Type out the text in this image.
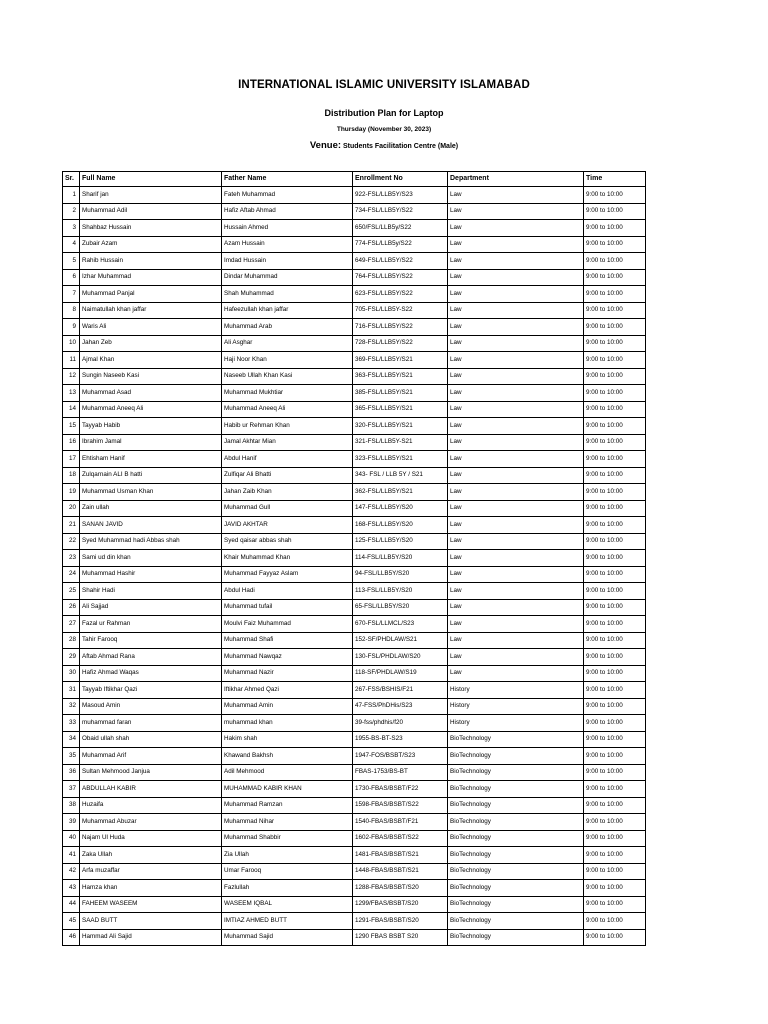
INTERNATIONAL ISLAMIC UNIVERSITY ISLAMABAD
Distribution Plan for Laptop
Thursday (November 30, 2023)
Venue: Students Facilitation Centre (Male)
Sr.	Full Name	Father Name	Enrollment No	Department	Time
1	Sharif jan	Fateh Muhammad	922-FSL/LLB5Y/S23	Law	9:00 to 10:00
2	Muhammad Adil	Hafiz Aftab Ahmad	734-FSL/LLB5Y/S22	Law	9:00 to 10:00
3	Shahbaz Hussain	Hussain Ahmed	650/FSL/LLB5y/S22	Law	9:00 to 10:00
4	Zubair Azam	Azam Hussain	774-FSL/LLB5y/S22	Law	9:00 to 10:00
5	Rahib Hussain	Imdad Hussain	649-FSL/LLB5Y/S22	Law	9:00 to 10:00
6	Izhar Muhammad	Dindar Muhammad	764-FSL/LLB5Y/S22	Law	9:00 to 10:00
7	Muhammad Panjal	Shah Muhammad	623-FSL/LLB5Y/S22	Law	9:00 to 10:00
8	Naimatullah khan jaffar	Hafeezullah khan jaffar	705-FSL/LLB5Y-S22	Law	9:00 to 10:00
9	Waris Ali	Muhammad Arab	716-FSL/LLB5Y/S22	Law	9:00 to 10:00
10	Jahan Zeb	Ali Asghar	728-FSL/LLB5Y/S22	Law	9:00 to 10:00
11	Ajmal Khan	Haji Noor Khan	369-FSL/LLB5Y/S21	Law	9:00 to 10:00
12	Sungin Naseeb Kasi	Naseeb Ullah Khan Kasi	363-FSL/LLB5Y/S21	Law	9:00 to 10:00
13	Muhammad Asad	Muhammad Mukhtiar	385-FSL/LLB5Y/S21	Law	9:00 to 10:00
14	Muhammad Aneeq Ali	Muhammad Aneeq Ali	365-FSL/LLB5Y/S21	Law	9:00 to 10:00
15	Tayyab Habib	Habib ur Rehman Khan	320-FSL/LLB5Y/S21	Law	9:00 to 10:00
16	Ibrahim Jamal	Jamal Akhtar Mian	321-FSL/LLB5Y-S21	Law	9:00 to 10:00
17	Ehtisham Hanif	Abdul Hanif	323-FSL/LLB5Y/S21	Law	9:00 to 10:00
18	Zulqarnain ALI B hatti	Zulfiqar Ali Bhatti	343- FSL / LLB 5Y / S21	Law	9:00 to 10:00
19	Muhammad Usman Khan	Jahan Zaib Khan	362-FSL/LLB5Y/S21	Law	9:00 to 10:00
20	Zain ullah	Muhammad Gull	147-FSL/LLB5Y/S20	Law	9:00 to 10:00
21	SANAN JAVID	JAVID AKHTAR	168-FSL/LLB5Y/S20	Law	9:00 to 10:00
22	Syed Muhammad hadi Abbas shah	Syed qaisar abbas shah	125-FSL/LLB5Y/S20	Law	9:00 to 10:00
23	Sami ud din khan	Khair Muhammad Khan	114-FSL/LLB5Y/S20	Law	9:00 to 10:00
24	Muhammad Hashir	Muhammad Fayyaz Aslam	94-FSL/LLB5Y/S20	Law	9:00 to 10:00
25	Shahir Hadi	Abdul Hadi	113-FSL/LLB5Y/S20	Law	9:00 to 10:00
26	Ali Sajjad	Muhammad tufail	65-FSL/LLB5Y/S20	Law	9:00 to 10:00
27	Fazal ur Rahman	Moulvi Faiz Muhammad	670-FSL/LLMCL/S23	Law	9:00 to 10:00
28	Tahir Farooq	Muhammad Shafi	152-SF/PHDLAW/S21	Law	9:00 to 10:00
29	Aftab Ahmad Rana	Muhammad Nawqaz	130-FSL/PHDLAW/S20	Law	9:00 to 10:00
30	Hafiz Ahmad Waqas	Muhammad Nazir	118-SF/PHDLAW/S19	Law	9:00 to 10:00
31	Tayyab Iftikhar Qazi	Iftikhar Ahmed Qazi	267-FSS/BSHIS/F21	History	9:00 to 10:00
32	Masoud Amin	Muhammad Amin	47-FSS/PhDHis/S23	History	9:00 to 10:00
33	muhammad faran	muhammad khan	39-fss/phdhis/f20	History	9:00 to 10:00
34	Obaid ullah shah	Hakim shah	1955-BS-BT-S23	BioTechnology	9:00 to 10:00
35	Muhammad Arif	Khawand Bakhsh	1947-FOS/BSBT/S23	BioTechnology	9:00 to 10:00
36	Sultan Mehmood Janjua	Adil Mehmood	FBAS-1753/BS-BT	BioTechnology	9:00 to 10:00
37	ABDULLAH KABIR	MUHAMMAD KABIR KHAN	1730-FBAS/BSBT/F22	BioTechnology	9:00 to 10:00
38	Huzaifa	Muhammad Ramzan	1598-FBAS/BSBT/S22	BioTechnology	9:00 to 10:00
39	Muhammad Abuzar	Muhammad Nihar	1540-FBAS/BSBT/F21	BioTechnology	9:00 to 10:00
40	Najam Ul Huda	Muhammad Shabbir	1602-FBAS/BSBT/S22	BioTechnology	9:00 to 10:00
41	Zaka Ullah	Zia Ullah	1481-FBAS/BSBT/S21	BioTechnology	9:00 to 10:00
42	Arfa muzaffar	Umar Farooq	1448-FBAS/BSBT/S21	BioTechnology	9:00 to 10:00
43	Hamza khan	Fazlullah	1288-FBAS/BSBT/S20	BioTechnology	9:00 to 10:00
44	FAHEEM WASEEM	WASEEM IQBAL	1299/FBAS/BSBT/S20	BioTechnology	9:00 to 10:00
45	SAAD BUTT	IMTIAZ AHMED BUTT	1291-FBAS/BSBT/S20	BioTechnology	9:00 to 10:00
46	Hammad Ali Sajid	Muhammad Sajid	1290 FBAS BSBT S20	BioTechnology	9:00 to 10:00
